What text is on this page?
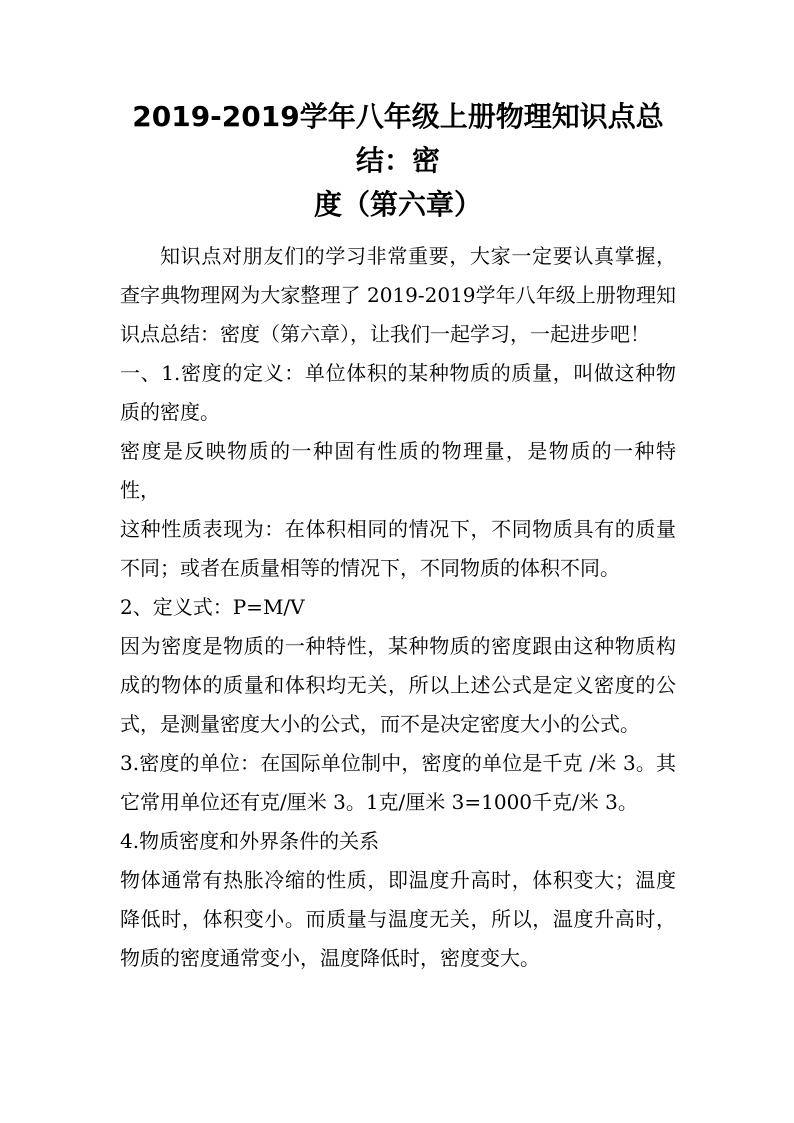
2019-2019学年八年级上册物理知识点总结：密
度（第六章）

知识点对朋友们的学习非常重要，大家一定要认真掌握，查字典物理网为大家整理了 2019-2019学年八年级上册物理知识点总结：密度（第六章），让我们一起学习，一起进步吧！

一、1.密度的定义：单位体积的某种物质的质量，叫做这种物质的密度。

密度是反映物质的一种固有性质的物理量，是物质的一种特性，

这种性质表现为：在体积相同的情况下，不同物质具有的质量不同；或者在质量相等的情况下，不同物质的体积不同。

2、定义式：P=M/V

因为密度是物质的一种特性，某种物质的密度跟由这种物质构成的物体的质量和体积均无关，所以上述公式是定义密度的公式，是测量密度大小的公式，而不是决定密度大小的公式。

3.密度的单位：在国际单位制中，密度的单位是千克 /米 3。其它常用单位还有克/厘米 3。1克/厘米 3=1000千克/米 3。

4.物质密度和外界条件的关系

物体通常有热胀冷缩的性质，即温度升高时，体积变大；温度降低时，体积变小。而质量与温度无关，所以，温度升高时，物质的密度通常变小，温度降低时，密度变大。
